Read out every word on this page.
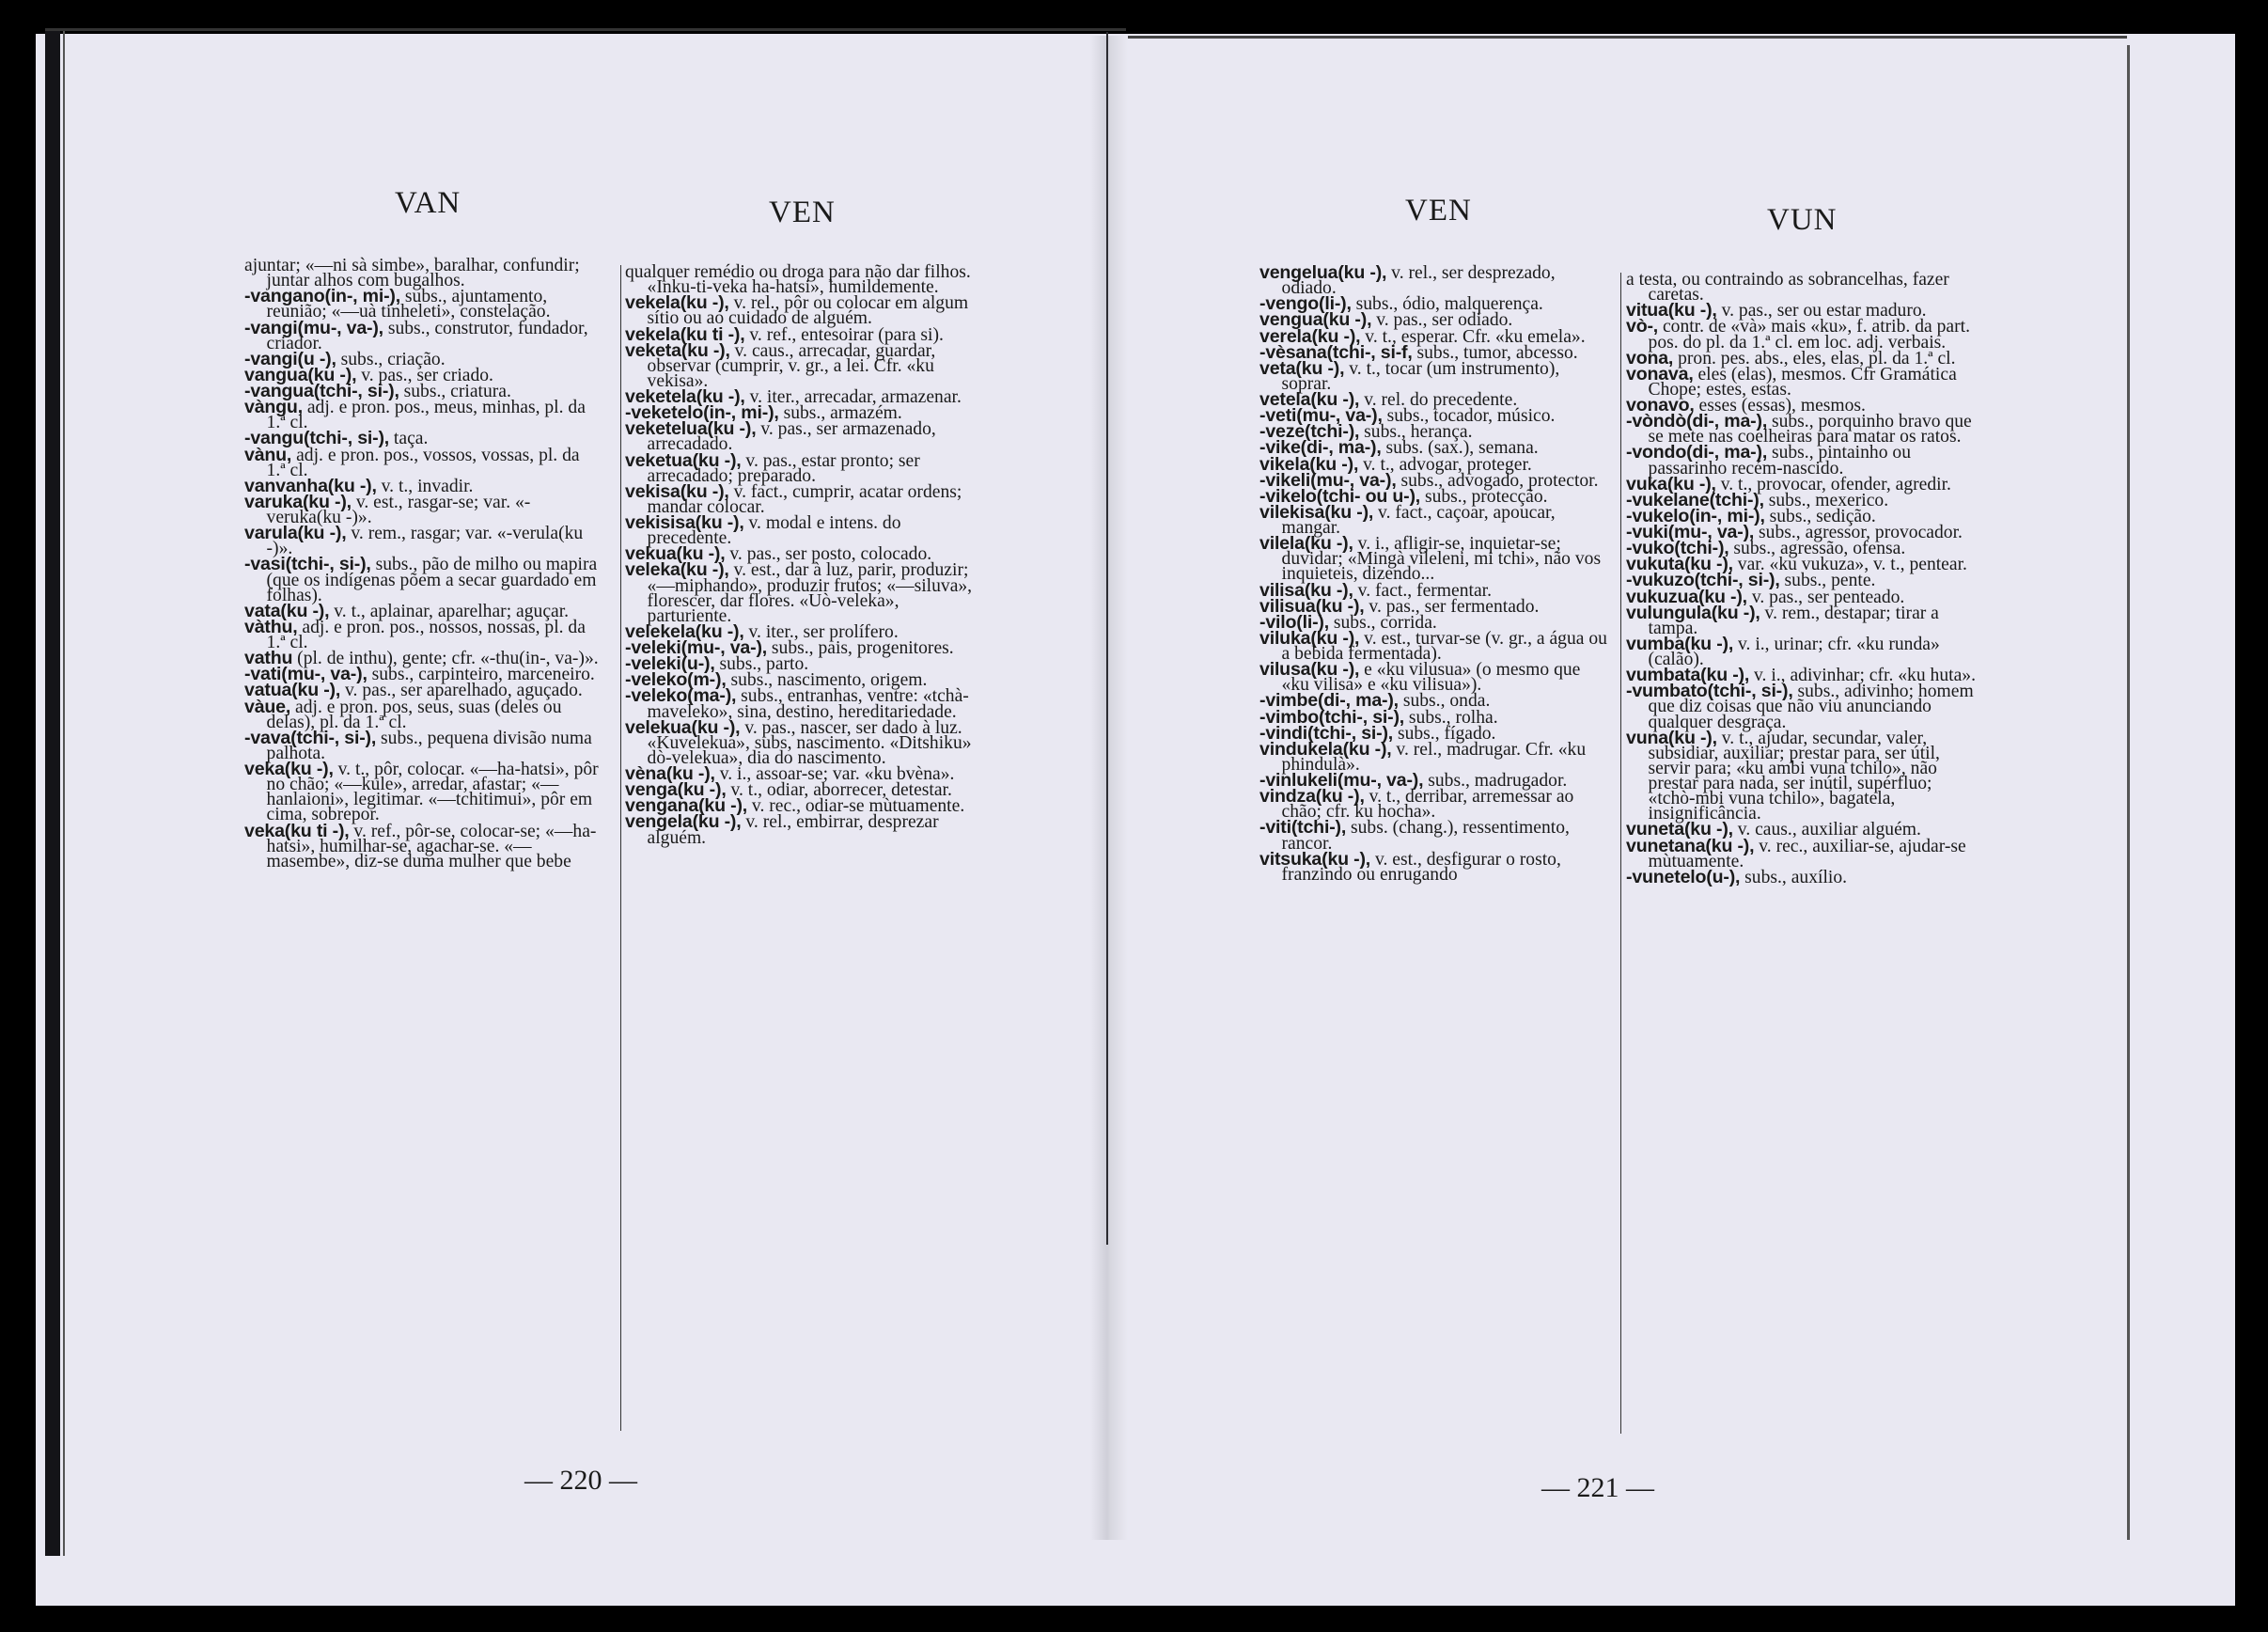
VAN	VEN

ajuntar; «—ni sà simbe», baralhar, confundir; juntar alhos com bugalhos.

-vangano(in-, mi-), subs., ajuntamento, reunião; «—uà tinheleti», constelação.

-vangi(mu-, va-), subs., construtor, fundador, criador.

-vangi(u -), subs., criação.

vangua(ku -), v. pas., ser criado.

-vangua(tchi-, si-), subs., criatura.

vàngu, adj. e pron. pos., meus, minhas, pl. da 1.ª cl.

-vangu(tchi-, si-), taça.

vànu, adj. e pron. pos., vossos, vossas, pl. da 1.ª cl.

vanvanha(ku -), v. t., invadir.

varuka(ku -), v. est., rasgar-se; var. «-veruka(ku -)».

varula(ku -), v. rem., rasgar; var. «-verula(ku -)».

-vasi(tchi-, si-), subs., pão de milho ou mapira (que os indígenas põem a secar guardado em folhas).

vata(ku -), v. t., aplainar, aparelhar; aguçar.

vàthu, adj. e pron. pos., nossos, nossas, pl. da 1.ª cl.

vathu (pl. de inthu), gente; cfr. «-thu(in-, va-)».

-vati(mu-, va-), subs., carpinteiro, marceneiro.

vatua(ku -), v. pas., ser aparelhado, aguçado.

vàue, adj. e pron. pos, seus, suas (deles ou delas), pl. da 1.ª cl.

-vava(tchi-, si-), subs., pequena divisão numa palhota.

veka(ku -), v. t., pôr, colocar. «—ha-hatsi», pôr no chão; «—kule», arredar, afastar; «—hanlaioni», legitimar. «—tchitimui», pôr em cima, sobrepor.

veka(ku ti -), v. ref., pôr-se, colocar-se; «—ha-hatsi», humilhar-se, agachar-se. «—masembe», diz-se duma mulher que bebe

qualquer remédio ou droga para não dar filhos. «Inku-ti-veka ha-hatsi», humildemente.

vekela(ku -), v. rel., pôr ou colocar em algum sítio ou ao cuidado de alguém.

vekela(ku ti -), v. ref., entesoirar (para si).

veketa(ku -), v. caus., arrecadar, guardar, observar (cumprir, v. gr., a lei. Cfr. «ku vekisa».

veketela(ku -), v. iter., arrecadar, armazenar.

-veketelo(in-, mi-), subs., armazém.

veketelua(ku -), v. pas., ser armazenado, arrecadado.

veketua(ku -), v. pas., estar pronto; ser arrecadado; preparado.

vekisa(ku -), v. fact., cumprir, acatar ordens; mandar colocar.

vekisisa(ku -), v. modal e intens. do precedente.

vekua(ku -), v. pas., ser posto, colocado.

veleka(ku -), v. est., dar à luz, parir, produzir; «—miphando», produzir frutos; «—siluva», florescer, dar flores. «Uò-veleka», parturiente.

velekela(ku -), v. iter., ser prolífero.

-veleki(mu-, va-), subs., pais, progenitores.

-veleki(u-), subs., parto.

-veleko(m-), subs., nascimento, origem.

-veleko(ma-), subs., entranhas, ventre: «tchà-maveleko», sina, destino, hereditariedade.

velekua(ku -), v. pas., nascer, ser dado à luz. «Kuvelekua», subs, nascimento. «Ditshiku» dò-velekua», dia do nascimento.

vèna(ku -), v. i., assoar-se; var. «ku bvèna».

venga(ku -), v. t., odiar, aborrecer, detestar.

vengana(ku -), v. rec., odiar-se mùtuamente.

vengela(ku -), v. rel., embirrar, desprezar alguém.

— 220 —
VEN	VUN

vengelua(ku -), v. rel., ser desprezado, odiado.

-vengo(li-), subs., ódio, malquerença.

vengua(ku -), v. pas., ser odiado.

verela(ku -), v. t., esperar. Cfr. «ku emela».

-vèsana(tchi-, si-f, subs., tumor, abcesso.

veta(ku -), v. t., tocar (um instrumento), soprar.

vetela(ku -), v. rel. do precedente.

-veti(mu-, va-), subs., tocador, músico.

-veze(tchi-), subs., herança.

-vike(di-, ma-), subs. (sax.), semana.

vikela(ku -), v. t., advogar, proteger.

-vikeli(mu-, va-), subs., advogado, protector.

-vikelo(tchi- ou u-), subs., protecção.

vilekisa(ku -), v. fact., caçoar, apoucar, mangar.

vilela(ku -), v. i., afligir-se, inquietar-se; duvidar; «Mingà vileleni, mi tchi», não vos inquieteis, dizendo...

vilisa(ku -), v. fact., fermentar.

vilisua(ku -), v. pas., ser fermentado.

-vilo(li-), subs., corrida.

viluka(ku -), v. est., turvar-se (v. gr., a água ou a bebida fermentada).

vilusa(ku -), e «ku vilusua» (o mesmo que «ku vilisa» e «ku vilisua»).

-vimbe(di-, ma-), subs., onda.

-vimbo(tchi-, si-), subs., rolha.

-vindi(tchi-, si-), subs., fígado.

vindukela(ku -), v. rel., madrugar. Cfr. «ku phindulà».

-vinlukeli(mu-, va-), subs., madrugador.

vindza(ku -), v. t., derribar, arremessar ao chão; cfr. ku hocha».

-viti(tchi-), subs. (chang.), ressentimento, rancor.

vitsuka(ku -), v. est., desfigurar o rosto, franzindo ou enrugando

a testa, ou contraindo as sobrancelhas, fazer caretas.

vitua(ku -), v. pas., ser ou estar maduro.

vò-, contr. de «và» mais «ku», f. atrib. da part. pos. do pl. da 1.ª cl. em loc. adj. verbais.

vona, pron. pes. abs., eles, elas, pl. da 1.ª cl.

vonava, eles (elas), mesmos. Cfr Gramática Chope; estes, estas.

vonavo, esses (essas), mesmos.

-vòndò(di-, ma-), subs., porquinho bravo que se mete nas coelheiras para matar os ratos.

-vondo(di-, ma-), subs., pintainho ou passarinho recém-nascido.

vuka(ku -), v. t., provocar, ofender, agredir.

-vukelane(tchi-), subs., mexerico.

-vukelo(in-, mi-), subs., sedição.

-vuki(mu-, va-), subs., agressor, provocador.

-vuko(tchi-), subs., agressão, ofensa.

vukuta(ku -), var. «ku vukuza», v. t., pentear.

-vukuzo(tchi-, si-), subs., pente.

vukuzua(ku -), v. pas., ser penteado.

vulungula(ku -), v. rem., destapar; tirar a tampa.

vumba(ku -), v. i., urinar; cfr. «ku runda» (calão).

vumbata(ku -), v. i., adivinhar; cfr. «ku huta».

-vumbato(tchi-, si-), subs., adivinho; homem que diz coisas que não viu anunciando qualquer desgraça.

vuna(ku -), v. t., ajudar, secundar, valer, subsidiar, auxiliar; prestar para, ser útil, servir para; «ku ambi vuna tchilo», não prestar para nada, ser inútil, supérfluo; «tchò-mbi vuna tchilo», bagatela, insignificância.

vuneta(ku -), v. caus., auxiliar alguém.

vunetana(ku -), v. rec., auxiliar-se, ajudar-se mùtuamente.

-vunetelo(u-), subs., auxílio.

— 221 —
